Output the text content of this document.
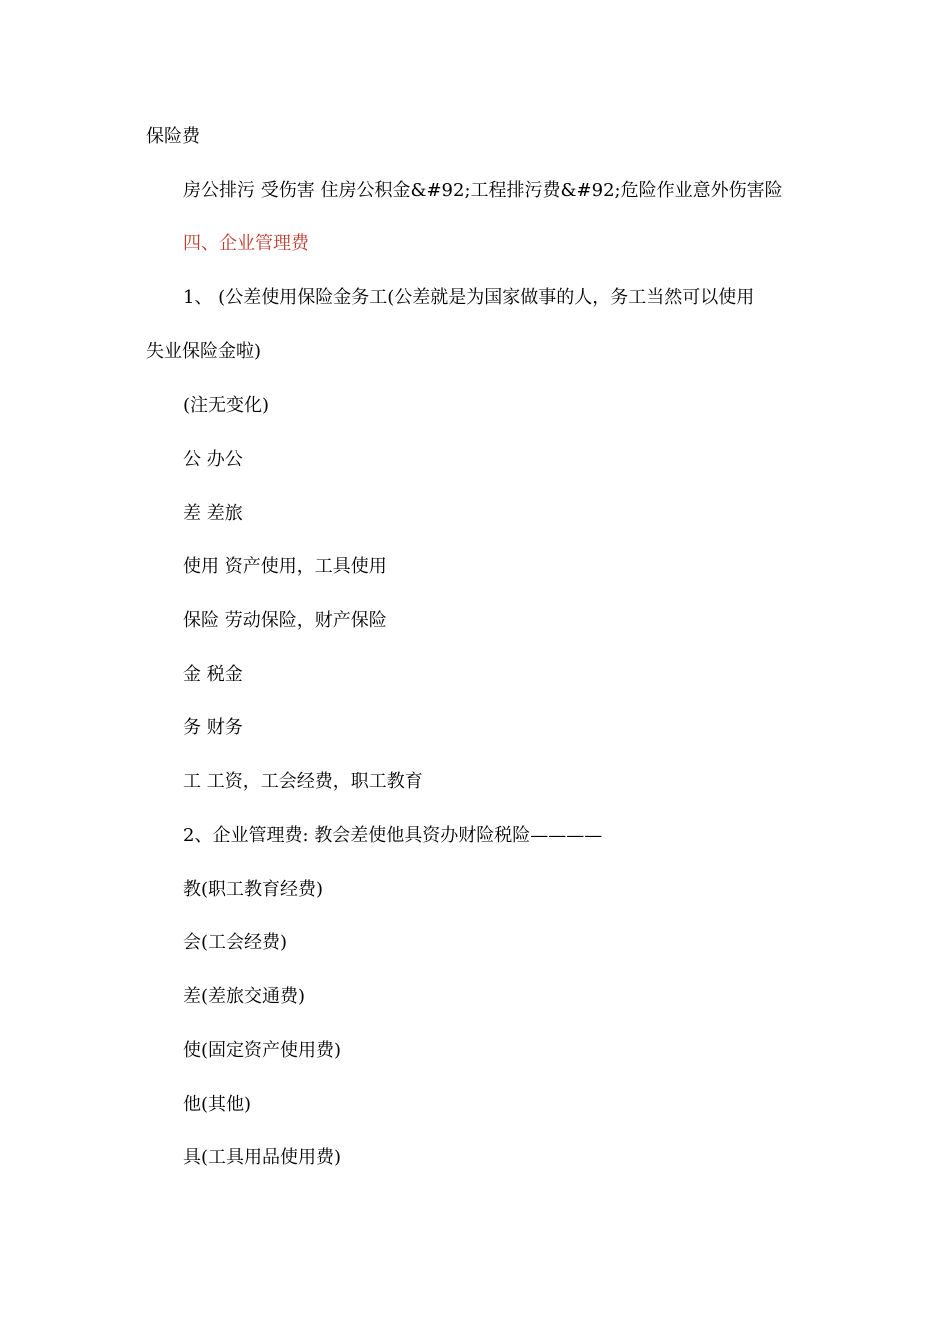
保险费
房公排污 受伤害 住房公积金&#92;工程排污费&#92;危险作业意外伤害险
四、企业管理费
1、 (公差使用保险金务工(公差就是为国家做事的人，务工当然可以使用
失业保险金啦)
(注无变化)
公 办公
差 差旅
使用 资产使用，工具使用
保险 劳动保险，财产保险
金 税金
务 财务
工 工资，工会经费，职工教育
2、企业管理费: 教会差使他具资办财险税险————
教(职工教育经费)
会(工会经费)
差(差旅交通费)
使(固定资产使用费)
他(其他)
具(工具用品使用费)
